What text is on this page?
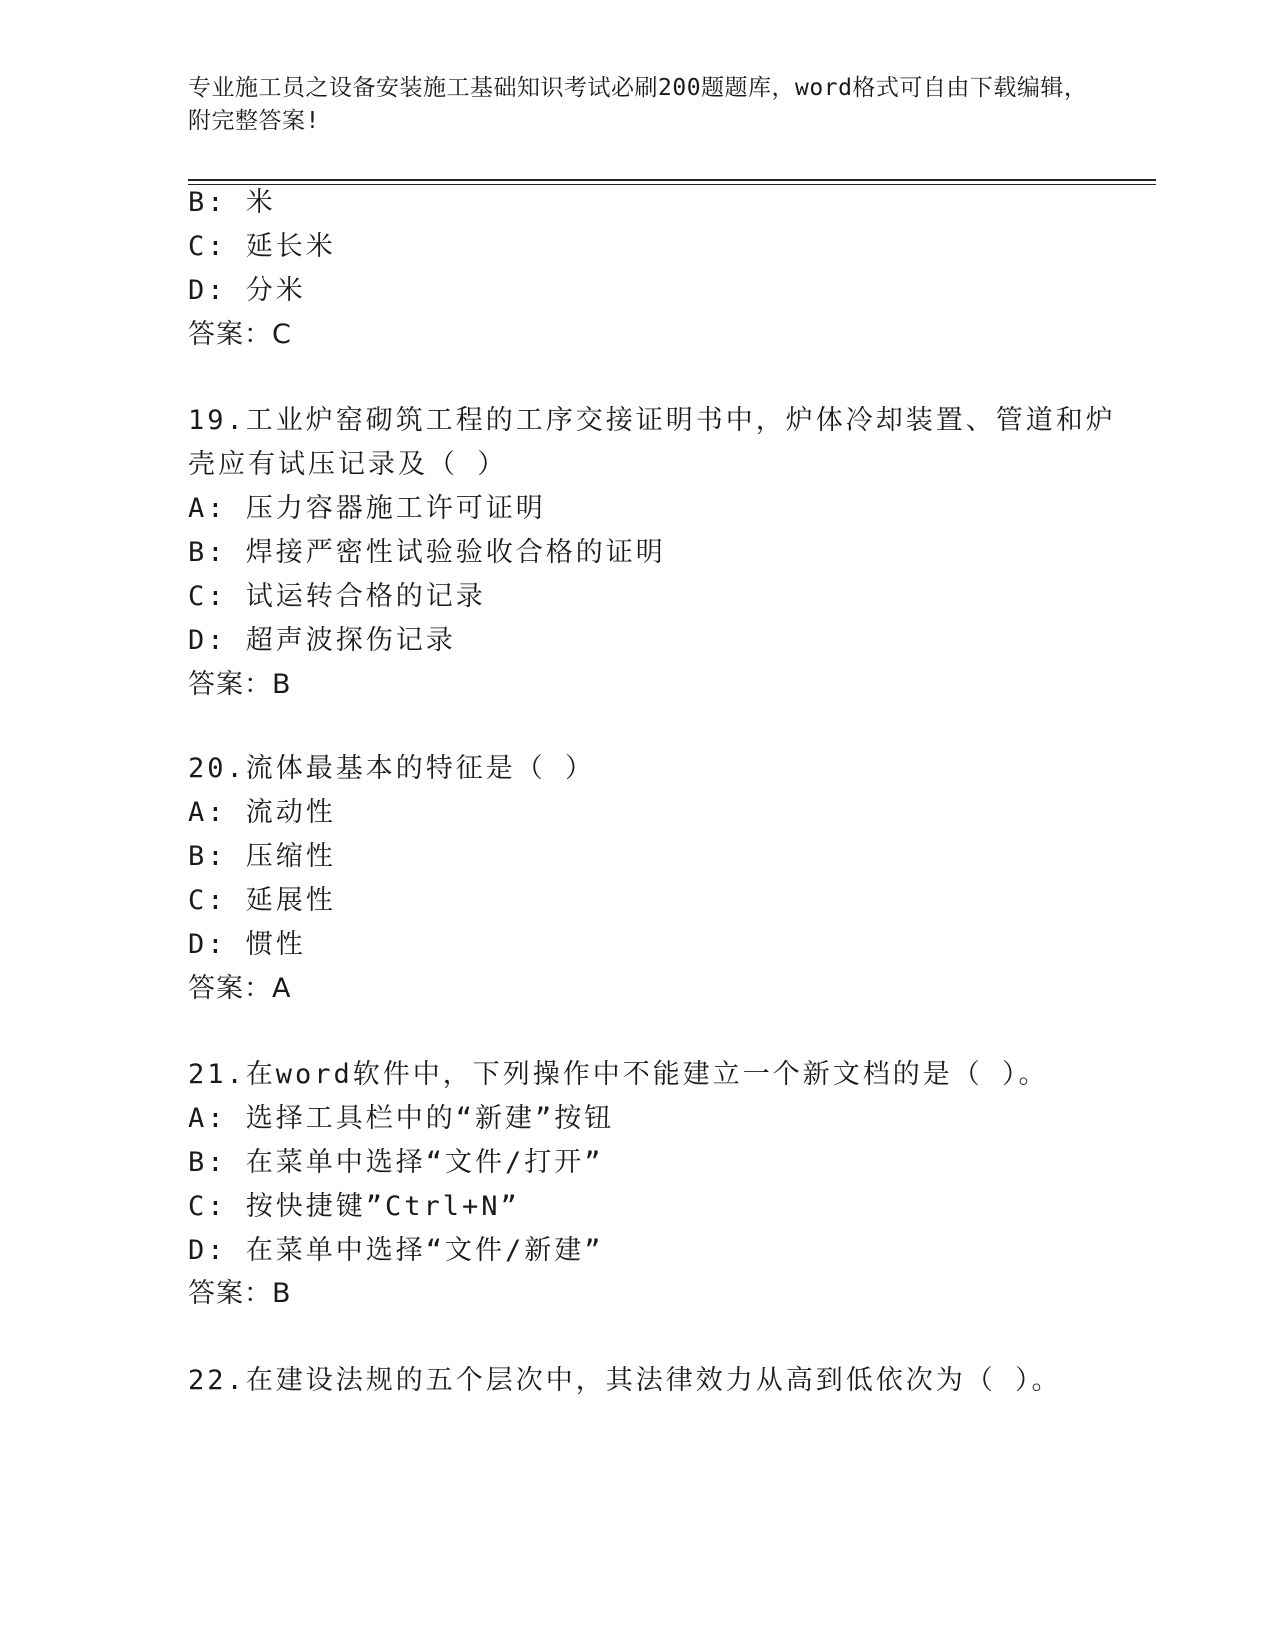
专业施工员之设备安装施工基础知识考试必刷200题题库，word格式可自由下载编辑，附完整答案!
B: 米
C: 延长米
D: 分米
答案：C
19.工业炉窑砌筑工程的工序交接证明书中，炉体冷却装置、管道和炉
壳应有试压记录及（ ）
A: 压力容器施工许可证明
B: 焊接严密性试验验收合格的证明
C: 试运转合格的记录
D: 超声波探伤记录
答案：B
20.流体最基本的特征是（ ）
A: 流动性
B: 压缩性
C: 延展性
D: 惯性
答案：A
21.在word软件中，下列操作中不能建立一个新文档的是（ ）。
A: 选择工具栏中的“新建”按钮
B: 在菜单中选择“文件/打开”
C: 按快捷键”Ctrl+N”
D: 在菜单中选择“文件/新建”
答案：B
22.在建设法规的五个层次中，其法律效力从高到低依次为（ ）。
